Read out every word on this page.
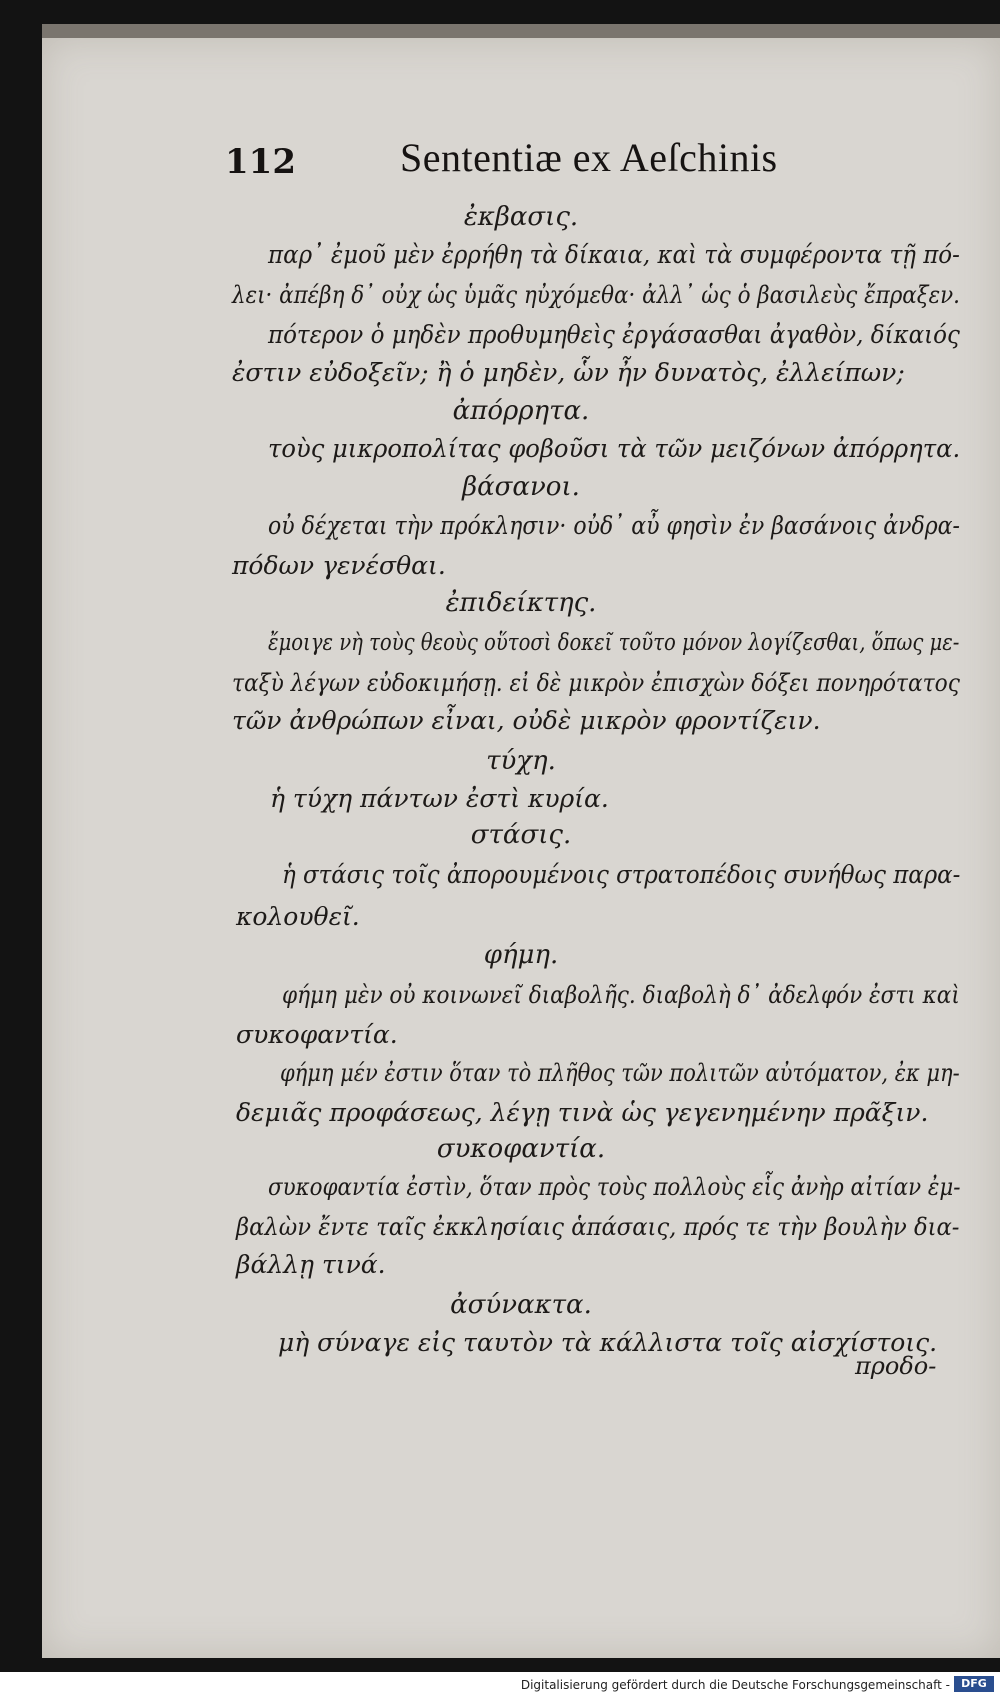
112	Sententiæ ex Aeſchinis
ἐκβασις.
παρ᾽ ἐμοῦ μὲν ἐρρήθη τὰ δίκαια, καὶ τὰ συμφέροντα τῇ πό-
λει· ἀπέβη δ᾽ οὐχ ὡς ὑμᾶς ηὐχόμεθα· ἀλλ᾽ ὡς ὁ βασιλεὺς ἔπραξεν.
πότερον ὁ μηδὲν προθυμηθεὶς ἐργάσασθαι ἀγαθὸν, δίκαιός
ἐστιν εὐδοξεῖν; ἢ ὁ μηδὲν, ὧν ἦν δυνατὸς, ἐλλείπων;
ἀπόρρητα.
τοὺς μικροπολίτας φοβοῦσι τὰ τῶν μειζόνων ἀπόρρητα.
βάσανοι.
οὐ δέχεται τὴν πρόκλησιν· οὐδ᾽ αὖ φησὶν ἐν βασάνοις ἀνδρα-
πόδων γενέσθαι.
ἐπιδείκτης.
ἔμοιγε νὴ τοὺς θεοὺς οὕτοσὶ δοκεῖ τοῦτο μόνον λογίζεσθαι, ὅπως με-
ταξὺ λέγων εὐδοκιμήσῃ. εἰ δὲ μικρὸν ἐπισχὼν δόξει πονηρότατος
τῶν ἀνθρώπων εἶναι, οὐδὲ μικρὸν φροντίζειν.
τύχη.
ἡ τύχη πάντων ἐστὶ κυρία.
στάσις.
ἡ στάσις τοῖς ἀπορουμένοις στρατοπέδοις συνήθως παρα-
κολουθεῖ.
φήμη.
φήμη μὲν οὐ κοινωνεῖ διαβολῆς. διαβολὴ δ᾽ ἀδελφόν ἐστι καὶ
συκοφαντία.
φήμη μέν ἐστιν ὅταν τὸ πλῆθος τῶν πολιτῶν αὐτόματον, ἐκ μη-
δεμιᾶς προφάσεως, λέγῃ τινὰ ὡς γεγενημένην πρᾶξιν.
συκοφαντία.
συκοφαντία ἐστὶν, ὅταν πρὸς τοὺς πολλοὺς εἷς ἀνὴρ αἰτίαν ἐμ-
βαλὼν ἔντε ταῖς ἐκκλησίαις ἁπάσαις, πρός τε τὴν βουλὴν δια-
βάλλῃ τινά.
ἀσύνακτα.
μὴ σύναγε εἰς ταυτὸν τὰ κάλλιστα τοῖς αἰσχίστοις.
προδο-
Digitalisierung gefördert durch die Deutsche Forschungsgemeinschaft -	DFG
